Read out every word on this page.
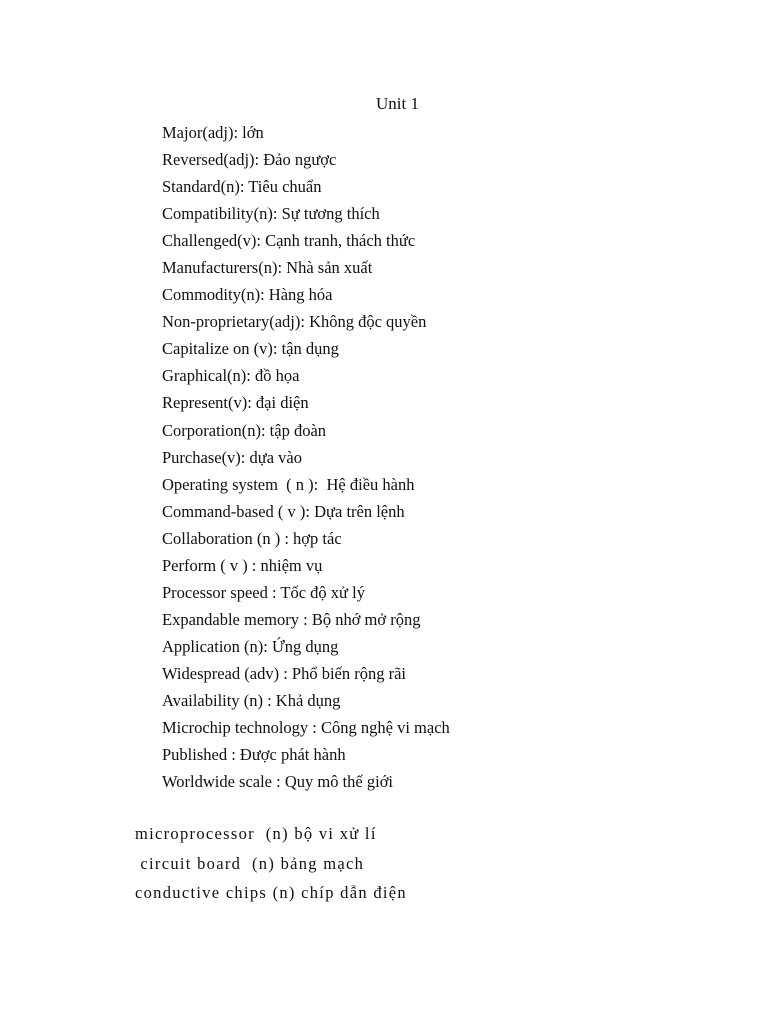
Unit 1
Major(adj): lớn
Reversed(adj): Đảo ngược
Standard(n): Tiêu chuẩn
Compatibility(n): Sự tương thích
Challenged(v): Cạnh tranh, thách thức
Manufacturers(n): Nhà sản xuất
Commodity(n): Hàng hóa
Non-proprietary(adj): Không độc quyền
Capitalize on (v): tận dụng
Graphical(n): đồ họa
Represent(v): đại diện
Corporation(n): tập đoàn
Purchase(v): dựa vào
Operating system  ( n ):  Hệ điều hành
Command-based ( v ): Dựa trên lệnh
Collaboration (n ) : hợp tác
Perform ( v ) : nhiệm vụ
Processor speed : Tốc độ xử lý
Expandable memory : Bộ nhớ mở rộng
Application (n): Ứng dụng
Widespread (adv) : Phổ biến rộng rãi
Availability (n) : Khả dụng
Microchip technology : Công nghệ vi mạch
Published : Được phát hành
Worldwide scale : Quy mô thế giới
microprocessor  (n) bộ vi xử lí
circuit board  (n) bảng mạch
conductive chips (n) chíp dẫn điện
